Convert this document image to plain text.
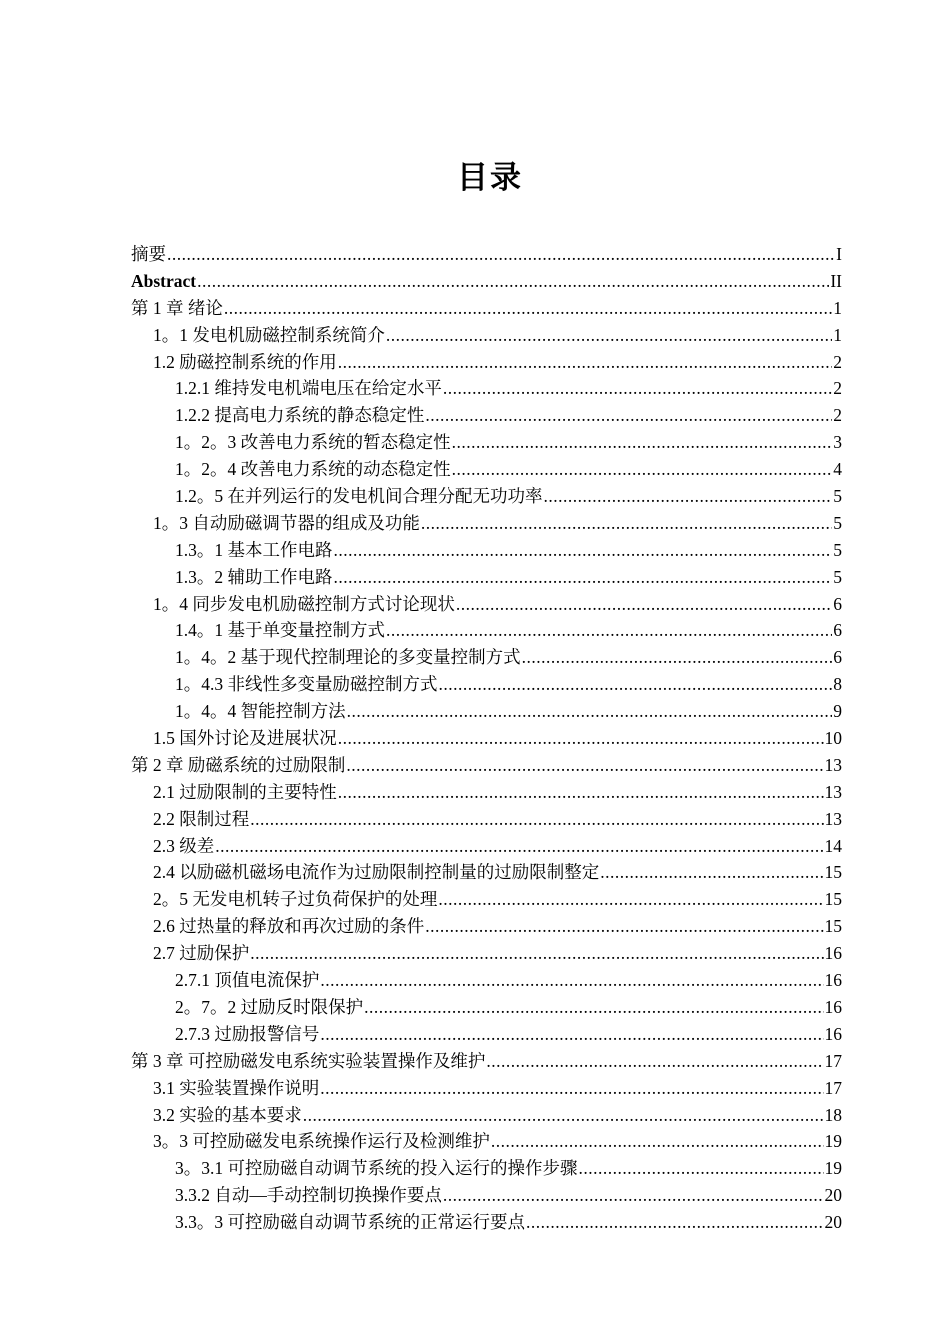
目录
摘要 .....	I
Abstract .....	II
第 1 章 绪论 .....	1
1。1 发电机励磁控制系统简介 .....	1
1.2 励磁控制系统的作用 .....	2
1.2.1 维持发电机端电压在给定水平 .....	2
1.2.2 提高电力系统的静态稳定性 .....	2
1。2。3 改善电力系统的暂态稳定性 .....	3
1。2。4 改善电力系统的动态稳定性 .....	4
1.2。5 在并列运行的发电机间合理分配无功功率 .....	5
1。3 自动励磁调节器的组成及功能 .....	5
1.3。1 基本工作电路 .....	5
1.3。2 辅助工作电路 .....	5
1。4 同步发电机励磁控制方式讨论现状 .....	6
1.4。1 基于单变量控制方式 .....	6
1。4。2 基于现代控制理论的多变量控制方式 .....	6
1。4.3 非线性多变量励磁控制方式 .....	8
1。4。4 智能控制方法 .....	9
1.5 国外讨论及进展状况 .....	10
第 2 章 励磁系统的过励限制 .....	13
2.1 过励限制的主要特性 .....	13
2.2 限制过程 .....	13
2.3 级差 .....	14
2.4 以励磁机磁场电流作为过励限制控制量的过励限制整定 .....	15
2。5 无发电机转子过负荷保护的处理 .....	15
2.6 过热量的释放和再次过励的条件 .....	15
2.7 过励保护 .....	16
2.7.1 顶值电流保护 .....	16
2。7。2 过励反时限保护 .....	16
2.7.3 过励报警信号 .....	16
第 3 章 可控励磁发电系统实验装置操作及维护 .....	17
3.1 实验装置操作说明 .....	17
3.2 实验的基本要求 .....	18
3。3 可控励磁发电系统操作运行及检测维护 .....	19
3。3.1 可控励磁自动调节系统的投入运行的操作步骤 .....	19
3.3.2 自动—手动控制切换操作要点 .....	20
3.3。3 可控励磁自动调节系统的正常运行要点 .....	20
